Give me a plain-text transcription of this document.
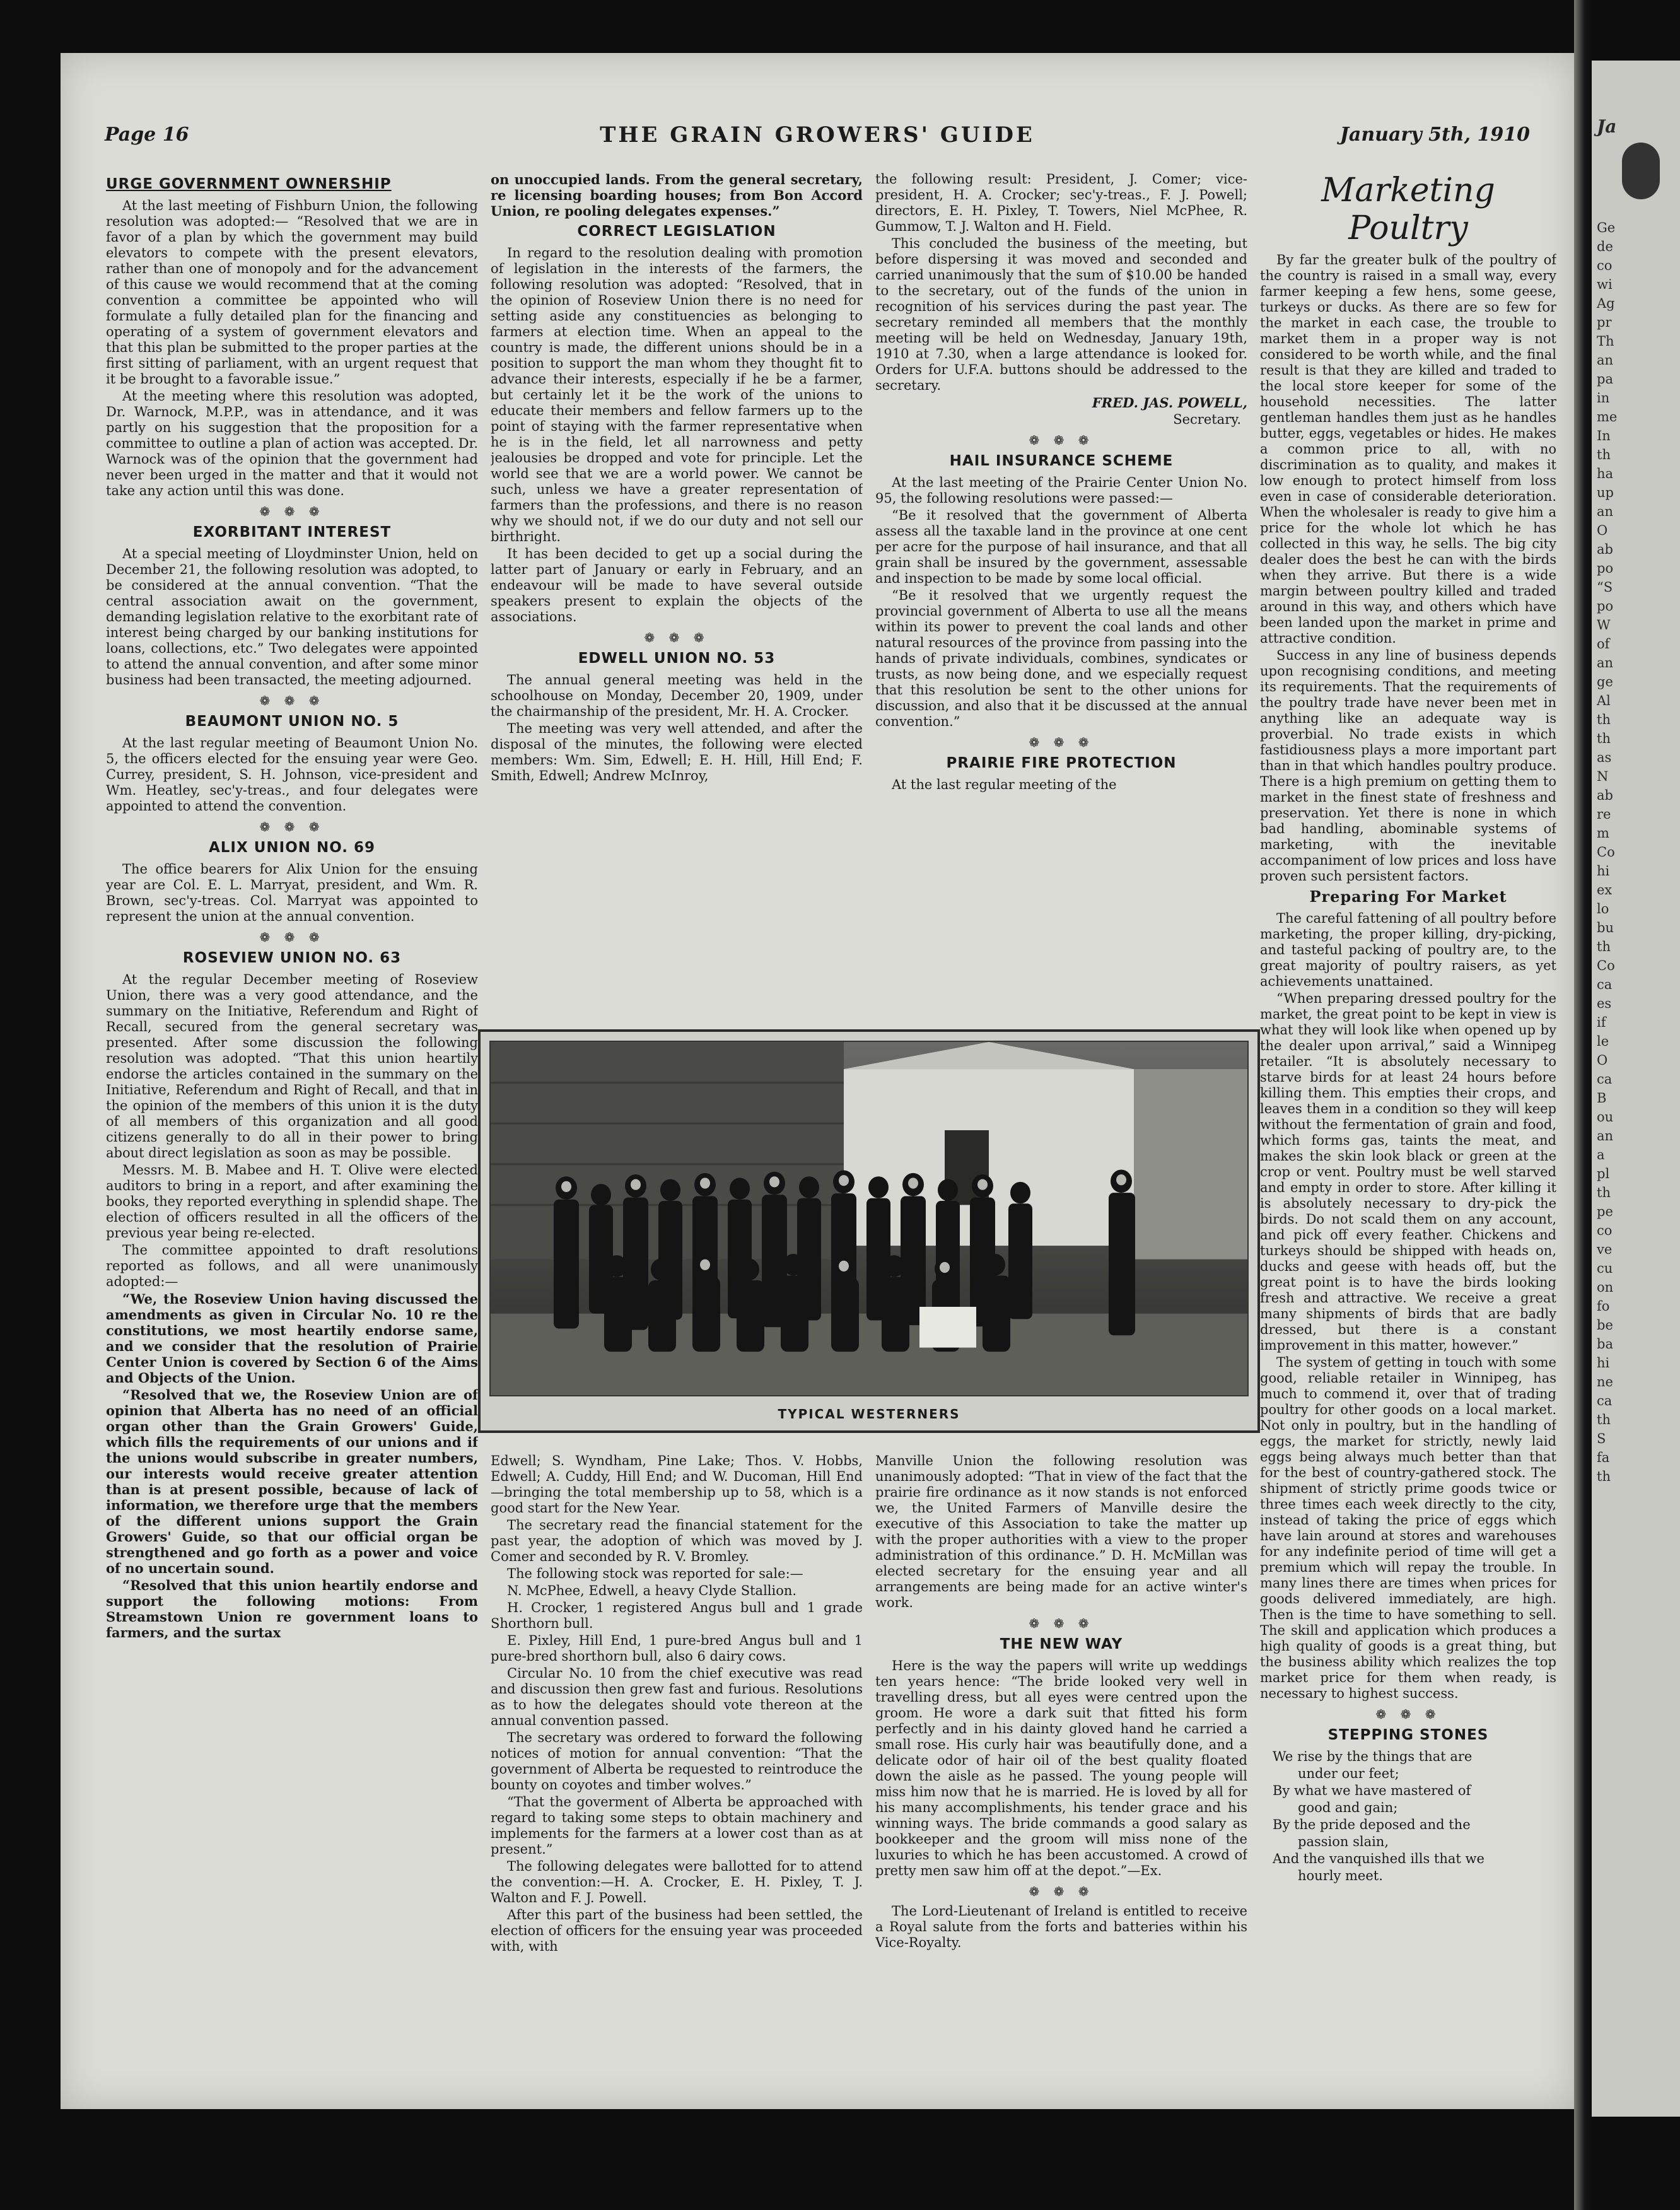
Page 16	THE GRAIN GROWERS' GUIDE	January 5th, 1910
URGE GOVERNMENT OWNERSHIP

At the last meeting of Fishburn Union, the following resolution was adopted:— “Resolved that we are in favor of a plan by which the government may build elevators to compete with the present elevators, rather than one of monopoly and for the advancement of this cause we would recommend that at the coming convention a committee be appointed who will formulate a fully detailed plan for the financing and operating of a system of government elevators and that this plan be submitted to the proper parties at the first sitting of parliament, with an urgent request that it be brought to a favorable issue.”

At the meeting where this resolution was adopted, Dr. Warnock, M.P.P., was in attendance, and it was partly on his suggestion that the proposition for a committee to outline a plan of action was accepted. Dr. Warnock was of the opinion that the government had never been urged in the matter and that it would not take any action until this was done.

❁ ❁ ❁
EXORBITANT INTEREST

At a special meeting of Lloydminster Union, held on December 21, the following resolution was adopted, to be considered at the annual convention. “That the central association await on the government, demanding legislation relative to the exorbitant rate of interest being charged by our banking institutions for loans, collections, etc.” Two delegates were appointed to attend the annual convention, and after some minor business had been transacted, the meeting adjourned.

❁ ❁ ❁
BEAUMONT UNION NO. 5

At the last regular meeting of Beaumont Union No. 5, the officers elected for the ensuing year were Geo. Currey, president, S. H. Johnson, vice-president and Wm. Heatley, sec'y-treas., and four delegates were appointed to attend the convention.

❁ ❁ ❁
ALIX UNION NO. 69

The office bearers for Alix Union for the ensuing year are Col. E. L. Marryat, president, and Wm. R. Brown, sec'y-treas. Col. Marryat was appointed to represent the union at the annual convention.

❁ ❁ ❁
ROSEVIEW UNION NO. 63

At the regular December meeting of Roseview Union, there was a very good attendance, and the summary on the Initiative, Referendum and Right of Recall, secured from the general secretary was presented. After some discussion the following resolution was adopted. “That this union heartily endorse the articles contained in the summary on the Initiative, Referendum and Right of Recall, and that in the opinion of the members of this union it is the duty of all members of this organization and all good citizens generally to do all in their power to bring about direct legislation as soon as may be possible.

Messrs. M. B. Mabee and H. T. Olive were elected auditors to bring in a report, and after examining the books, they reported everything in splendid shape. The election of officers resulted in all the officers of the previous year being re-elected.

The committee appointed to draft resolutions reported as follows, and all were unanimously adopted:—

“We, the Roseview Union having discussed the amendments as given in Circular No. 10 re the constitutions, we most heartily endorse same, and we consider that the resolution of Prairie Center Union is covered by Section 6 of the Aims and Objects of the Union.

“Resolved that we, the Roseview Union are of opinion that Alberta has no need of an official organ other than the Grain Growers' Guide, which fills the requirements of our unions and if the unions would subscribe in greater numbers, our interests would receive greater attention than is at present possible, because of lack of information, we therefore urge that the members of the different unions support the Grain Growers' Guide, so that our official organ be strengthened and go forth as a power and voice of no uncertain sound.

“Resolved that this union heartily endorse and support the following motions: From Streamstown Union re government loans to farmers, and the surtax

on unoccupied lands. From the general secretary, re licensing boarding houses; from Bon Accord Union, re pooling delegates expenses.”

CORRECT LEGISLATION

In regard to the resolution dealing with promotion of legislation in the interests of the farmers, the following resolution was adopted: “Resolved, that in the opinion of Roseview Union there is no need for setting aside any constituencies as belonging to farmers at election time. When an appeal to the country is made, the different unions should be in a position to support the man whom they thought fit to advance their interests, especially if he be a farmer, but certainly let it be the work of the unions to educate their members and fellow farmers up to the point of staying with the farmer representative when he is in the field, let all narrowness and petty jealousies be dropped and vote for principle. Let the world see that we are a world power. We cannot be such, unless we have a greater representation of farmers than the professions, and there is no reason why we should not, if we do our duty and not sell our birthright.

It has been decided to get up a social during the latter part of January or early in February, and an endeavour will be made to have several outside speakers present to explain the objects of the associations.

❁ ❁ ❁
EDWELL UNION NO. 53

The annual general meeting was held in the schoolhouse on Monday, December 20, 1909, under the chairmanship of the president, Mr. H. A. Crocker.

The meeting was very well attended, and after the disposal of the minutes, the following were elected members: Wm. Sim, Edwell; E. H. Hill, Hill End; F. Smith, Edwell; Andrew McInroy,

the following result: President, J. Comer; vice-president, H. A. Crocker; sec'y-treas., F. J. Powell; directors, E. H. Pixley, T. Towers, Niel McPhee, R. Gummow, T. J. Walton and H. Field.

This concluded the business of the meeting, but before dispersing it was moved and seconded and carried unanimously that the sum of $10.00 be handed to the secretary, out of the funds of the union in recognition of his services during the past year. The secretary reminded all members that the monthly meeting will be held on Wednesday, January 19th, 1910 at 7.30, when a large attendance is looked for. Orders for U.F.A. buttons should be addressed to the secretary.

FRED. JAS. POWELL,

Secretary.

❁ ❁ ❁
HAIL INSURANCE SCHEME

At the last meeting of the Prairie Center Union No. 95, the following resolutions were passed:—

“Be it resolved that the government of Alberta assess all the taxable land in the province at one cent per acre for the purpose of hail insurance, and that all grain shall be insured by the government, assessable and inspection to be made by some local official.

“Be it resolved that we urgently request the provincial government of Alberta to use all the means within its power to prevent the coal lands and other natural resources of the province from passing into the hands of private individuals, combines, syndicates or trusts, as now being done, and we especially request that this resolution be sent to the other unions for discussion, and also that it be discussed at the annual convention.”

❁ ❁ ❁
PRAIRIE FIRE PROTECTION

At the last regular meeting of the

TYPICAL WESTERNERS

Edwell; S. Wyndham, Pine Lake; Thos. V. Hobbs, Edwell; A. Cuddy, Hill End; and W. Ducoman, Hill End—bringing the total membership up to 58, which is a good start for the New Year.

The secretary read the financial statement for the past year, the adoption of which was moved by J. Comer and seconded by R. V. Bromley.

The following stock was reported for sale:—

N. McPhee, Edwell, a heavy Clyde Stallion.

H. Crocker, 1 registered Angus bull and 1 grade Shorthorn bull.

E. Pixley, Hill End, 1 pure-bred Angus bull and 1 pure-bred shorthorn bull, also 6 dairy cows.

Circular No. 10 from the chief executive was read and discussion then grew fast and furious. Resolutions as to how the delegates should vote thereon at the annual convention passed.

The secretary was ordered to forward the following notices of motion for annual convention: “That the government of Alberta be requested to reintroduce the bounty on coyotes and timber wolves.”

“That the goverment of Alberta be approached with regard to taking some steps to obtain machinery and implements for the farmers at a lower cost than as at present.”

The following delegates were ballotted for to attend the convention:—H. A. Crocker, E. H. Pixley, T. J. Walton and F. J. Powell.

After this part of the business had been settled, the election of officers for the ensuing year was proceeded with, with

Manville Union the following resolution was unanimously adopted: “That in view of the fact that the prairie fire ordinance as it now stands is not enforced we, the United Farmers of Manville desire the executive of this Association to take the matter up with the proper authorities with a view to the proper administration of this ordinance.” D. H. McMillan was elected secretary for the ensuing year and all arrangements are being made for an active winter's work.

❁ ❁ ❁
THE NEW WAY

Here is the way the papers will write up weddings ten years hence: “The bride looked very well in travelling dress, but all eyes were centred upon the groom. He wore a dark suit that fitted his form perfectly and in his dainty gloved hand he carried a small rose. His curly hair was beautifully done, and a delicate odor of hair oil of the best quality floated down the aisle as he passed. The young people will miss him now that he is married. He is loved by all for his many accomplishments, his tender grace and his winning ways. The bride commands a good salary as bookkeeper and the groom will miss none of the luxuries to which he has been accustomed. A crowd of pretty men saw him off at the depot.”—Ex.

❁ ❁ ❁

The Lord-Lieutenant of Ireland is entitled to receive a Royal salute from the forts and batteries within his Vice-Royalty.

Marketing Poultry

By far the greater bulk of the poultry of the country is raised in a small way, every farmer keeping a few hens, some geese, turkeys or ducks. As there are so few for the market in each case, the trouble to market them in a proper way is not considered to be worth while, and the final result is that they are killed and traded to the local store keeper for some of the household necessities. The latter gentleman handles them just as he handles butter, eggs, vegetables or hides. He makes a common price to all, with no discrimination as to quality, and makes it low enough to protect himself from loss even in case of considerable deterioration. When the wholesaler is ready to give him a price for the whole lot which he has collected in this way, he sells. The big city dealer does the best he can with the birds when they arrive. But there is a wide margin between poultry killed and traded around in this way, and others which have been landed upon the market in prime and attractive condition.

Success in any line of business depends upon recognising conditions, and meeting its requirements. That the requirements of the poultry trade have never been met in anything like an adequate way is proverbial. No trade exists in which fastidiousness plays a more important part than in that which handles poultry produce. There is a high premium on getting them to market in the finest state of freshness and preservation. Yet there is none in which bad handling, abominable systems of marketing, with the inevitable accompaniment of low prices and loss have proven such persistent factors.

Preparing For Market

The careful fattening of all poultry before marketing, the proper killing, dry-picking, and tasteful packing of poultry are, to the great majority of poultry raisers, as yet achievements unattained.

“When preparing dressed poultry for the market, the great point to be kept in view is what they will look like when opened up by the dealer upon arrival,” said a Winnipeg retailer. “It is absolutely necessary to starve birds for at least 24 hours before killing them. This empties their crops, and leaves them in a condition so they will keep without the fermentation of grain and food, which forms gas, taints the meat, and makes the skin look black or green at the crop or vent. Poultry must be well starved and empty in order to store. After killing it is absolutely necessary to dry-pick the birds. Do not scald them on any account, and pick off every feather. Chickens and turkeys should be shipped with heads on, ducks and geese with heads off, but the great point is to have the birds looking fresh and attractive. We receive a great many shipments of birds that are badly dressed, but there is a constant improvement in this matter, however.”

The system of getting in touch with some good, reliable retailer in Winnipeg, has much to commend it, over that of trading poultry for other goods on a local market. Not only in poultry, but in the handling of eggs, the market for strictly, newly laid eggs being always much better than that for the best of country-gathered stock. The shipment of strictly prime goods twice or three times each week directly to the city, instead of taking the price of eggs which have lain around at stores and warehouses for any indefinite period of time will get a premium which will repay the trouble. In many lines there are times when prices for goods delivered immediately, are high. Then is the time to have something to sell. The skill and application which produces a high quality of goods is a great thing, but the business ability which realizes the top market price for them when ready, is necessary to highest success.

❁ ❁ ❁
STEPPING STONES

We rise by the things that are

under our feet;

By what we have mastered of

good and gain;

By the pride deposed and the

passion slain,

And the vanquished ills that we

hourly meet.

Ja
Ge
de
co
wi
Ag
pr
Th
an
pa
in
me
In
th
ha
up
an
O
ab
po
“S
po
W
of
an
ge
Al
th
th
as
N
ab
re
m
Co
hi
ex
lo
bu
th
Co
ca
es
if
le
O
ca
B
ou
an
a
pl
th
pe
co
ve
cu
on
fo
be
ba
hi
ne
ca
th
S
fa
th
